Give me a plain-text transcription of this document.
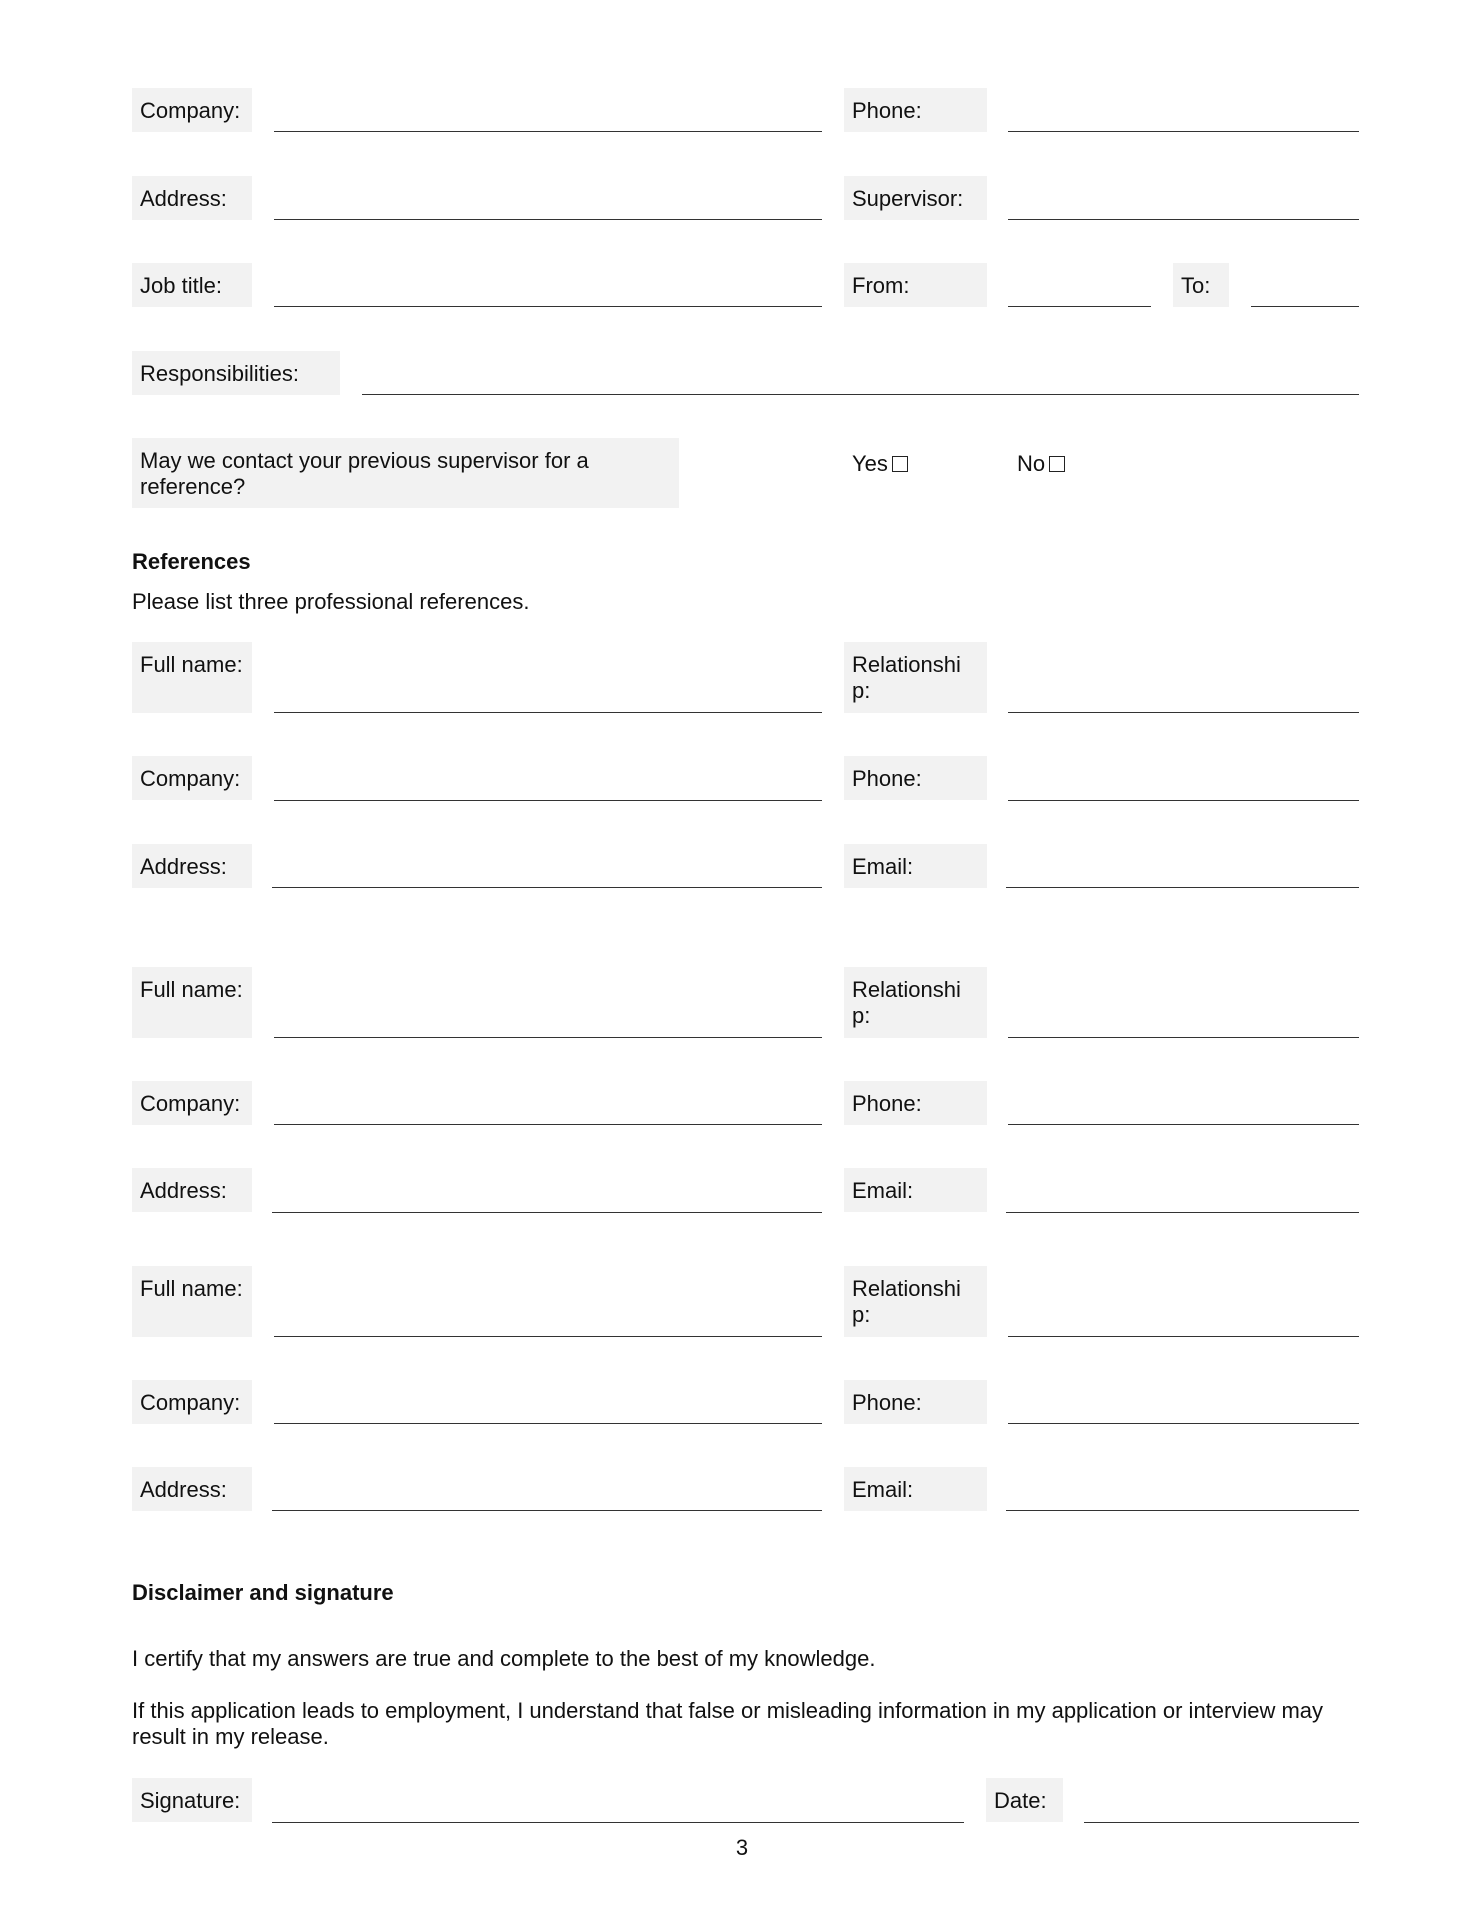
Company:	Phone:
Address:	Supervisor:
Job title:	From:	To:
Responsibilities:
May we contact your previous supervisor for a reference?
Yes	No
References
Please list three professional references.
Full name:	Relationship:
Company:	Phone:
Address:	Email:
Full name:	Relationship:
Company:	Phone:
Address:	Email:
Full name:	Relationship:
Company:	Phone:
Address:	Email:
Disclaimer and signature
I certify that my answers are true and complete to the best of my knowledge.
If this application leads to employment, I understand that false or misleading information in my application or interview may result in my release.
Signature:	Date:
3
